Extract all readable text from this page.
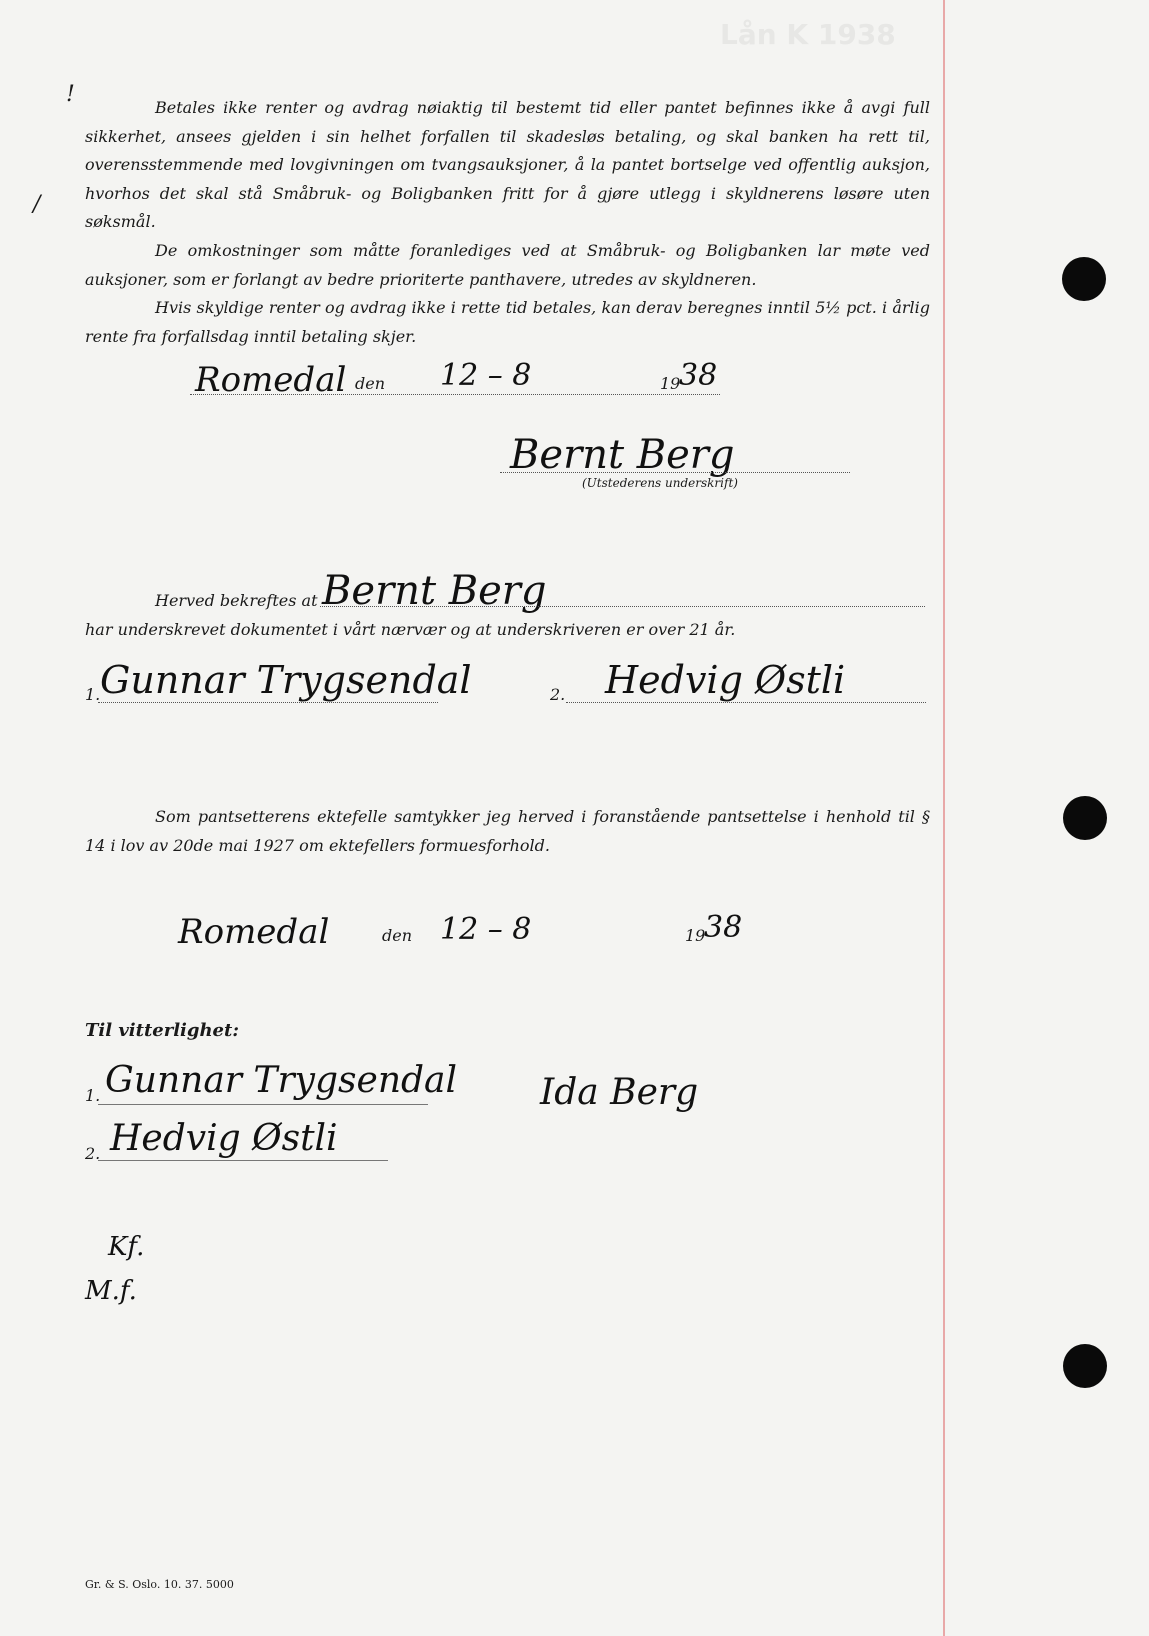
Lån K 1938
!
/
Betales ikke renter og avdrag nøiaktig til bestemt tid eller pantet befinnes ikke å avgi full sikkerhet, ansees gjelden i sin helhet forfallen til skadesløs betaling, og skal banken ha rett til, overensstemmende med lovgivningen om tvangsauksjoner, å la pantet bortselge ved offentlig auksjon, hvorhos det skal stå Småbruk- og Boligbanken fritt for å gjøre utlegg i skyldnerens løsøre uten søksmål.
De omkostninger som måtte foranlediges ved at Småbruk- og Boligbanken lar møte ved auksjoner, som er forlangt av bedre prioriterte panthavere, utredes av skyldneren.
Hvis skyldige renter og avdrag ikke i rette tid betales, kan derav beregnes inntil 5½ pct. i årlig rente fra forfallsdag inntil betaling skjer.
Romedal den 12 – 8	19
38
Bernt Berg
(Utstederens underskrift)
Herved bekreftes at Bernt Berg
har underskrevet dokumentet i vårt nærvær og at underskriveren er over 21 år.
1. Gunnar Trygsendal	2. Hedvig Østli
Som pantsetterens ektefelle samtykker jeg herved i foranstående pantsettelse i henhold til § 14 i lov av 20de mai 1927 om ektefellers formuesforhold.
Romedal	den 12 – 8	19
38
Til vitterlighet:
1. Gunnar Trygsendal
2. Hedvig Østli
Ida Berg
Kf.
M.f.
Gr. & S. Oslo. 10. 37. 5000
